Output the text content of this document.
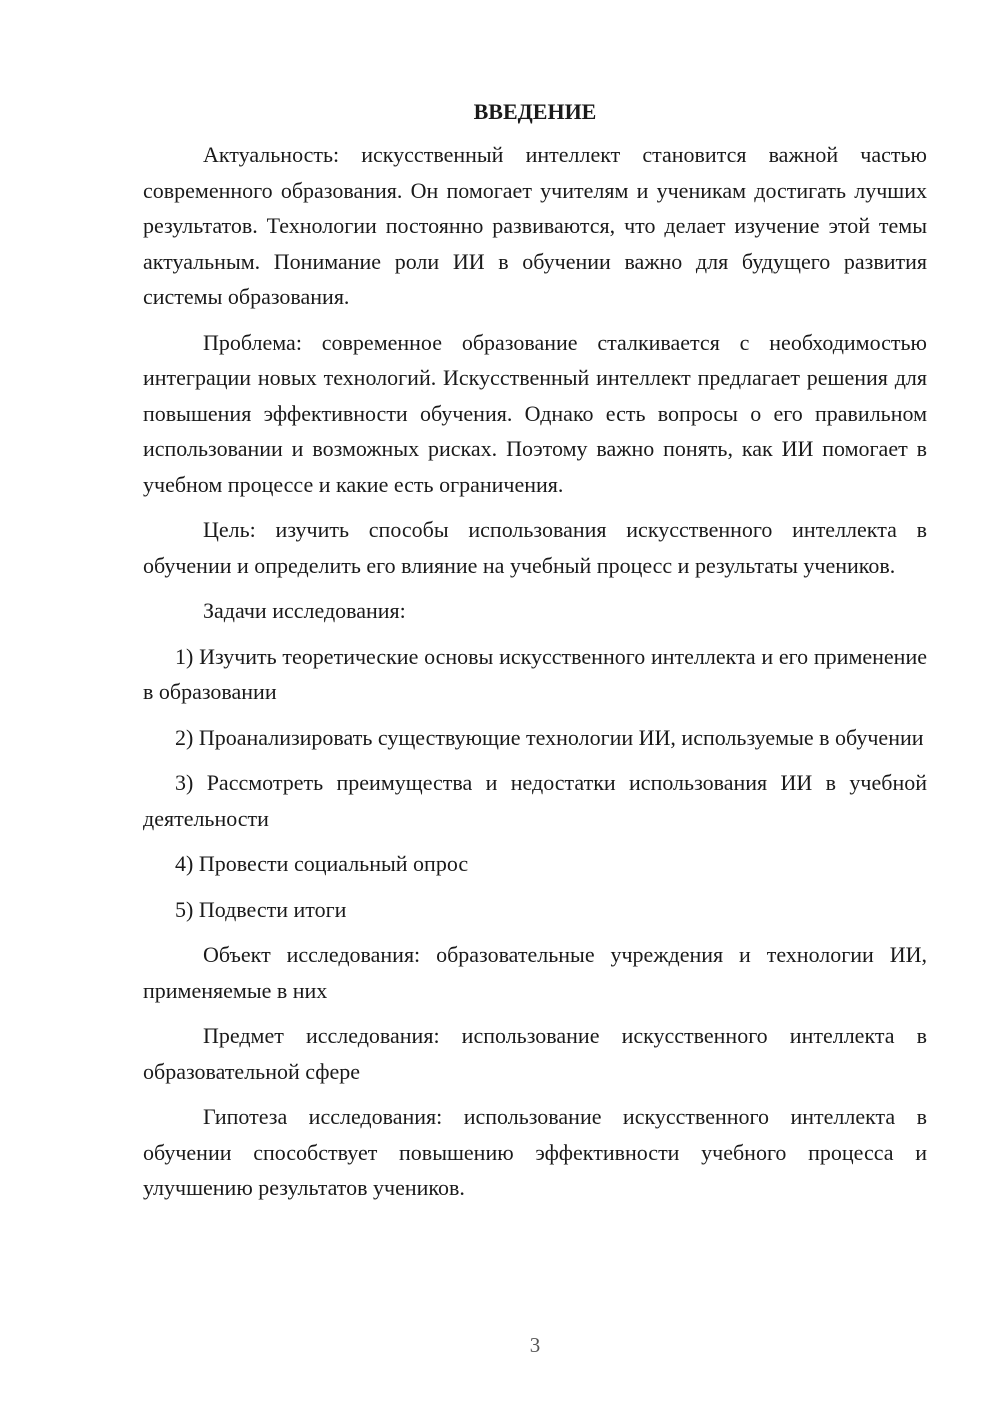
ВВЕДЕНИЕ

Актуальность: искусственный интеллект становится важной частью современного образования. Он помогает учителям и ученикам достигать лучших результатов. Технологии постоянно развиваются, что делает изучение этой темы актуальным. Понимание роли ИИ в обучении важно для будущего развития системы образования.

Проблема: современное образование сталкивается с необходимостью интеграции новых технологий. Искусственный интеллект предлагает решения для повышения эффективности обучения. Однако есть вопросы о его правильном использовании и возможных рисках. Поэтому важно понять, как ИИ помогает в учебном процессе и какие есть ограничения.

Цель: изучить способы использования искусственного интеллекта в обучении и определить его влияние на учебный процесс и результаты учеников.

Задачи исследования:

1) Изучить теоретические основы искусственного интеллекта и его применение в образовании

2) Проанализировать существующие технологии ИИ, используемые в обучении

3) Рассмотреть преимущества и недостатки использования ИИ в учебной деятельности

4) Провести социальный опрос

5) Подвести итоги

Объект исследования: образовательные учреждения и технологии ИИ, применяемые в них

Предмет исследования: использование искусственного интеллекта в образовательной сфере

Гипотеза исследования: использование искусственного интеллекта в обучении способствует повышению эффективности учебного процесса и улучшению результатов учеников.

3
